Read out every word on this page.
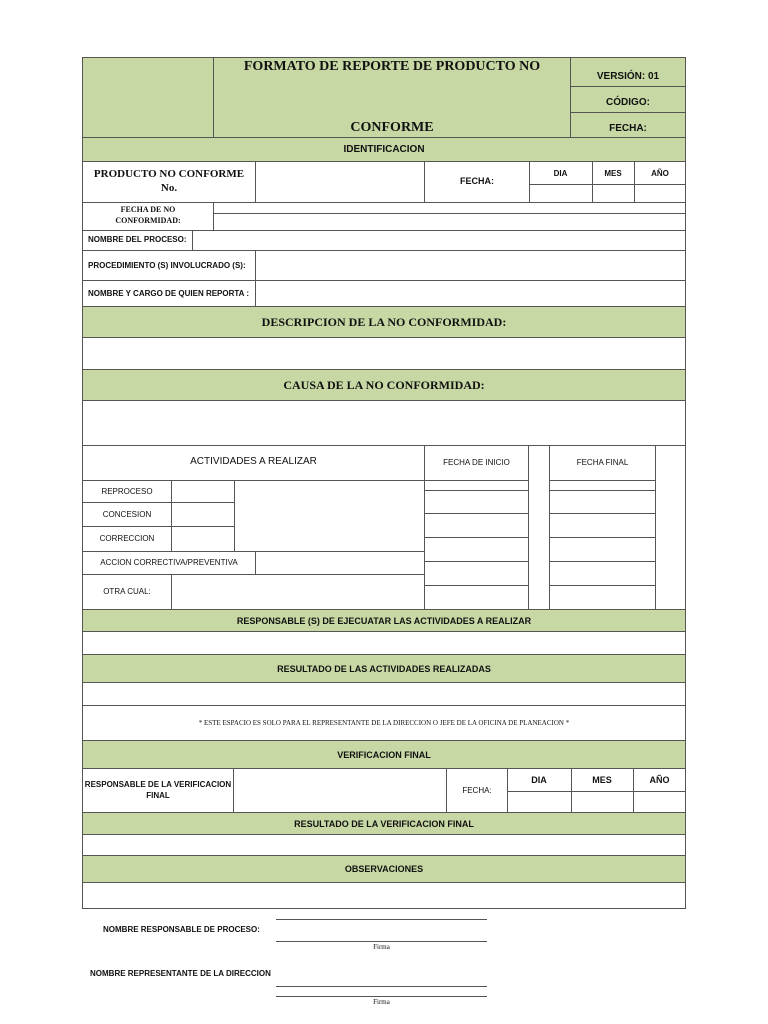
FORMATO DE REPORTE DE PRODUCTO NO
CONFORME
VERSIÓN: 01
CÓDIGO:
FECHA:
IDENTIFICACION
PRODUCTO NO CONFORME
No.
FECHA:
DIA	MES	AÑO
FECHA DE NO
CONFORMIDAD:
NOMBRE DEL PROCESO:
PROCEDIMIENTO (S) INVOLUCRADO (S):
NOMBRE Y CARGO DE QUIEN REPORTA :
DESCRIPCION DE LA NO CONFORMIDAD:
CAUSA DE LA NO CONFORMIDAD:
ACTIVIDADES A REALIZAR	FECHA DE INICIO	FECHA FINAL
REPROCESO
CONCESION
CORRECCION
ACCION CORRECTIVA/PREVENTIVA
OTRA CUAL:
RESPONSABLE (S) DE EJECUATAR LAS ACTIVIDADES A REALIZAR
RESULTADO DE LAS ACTIVIDADES REALIZADAS
* ESTE ESPACIO ES SOLO PARA EL REPRESENTANTE DE LA DIRECCION O JEFE DE LA OFICINA DE PLANEACION *
VERIFICACION FINAL
RESPONSABLE DE LA VERIFICACION
FINAL
FECHA:
DIA	MES	AÑO
RESULTADO DE LA VERIFICACION FINAL
OBSERVACIONES
NOMBRE RESPONSABLE DE PROCESO:
Firma
NOMBRE REPRESENTANTE DE LA DIRECCION
Firma
